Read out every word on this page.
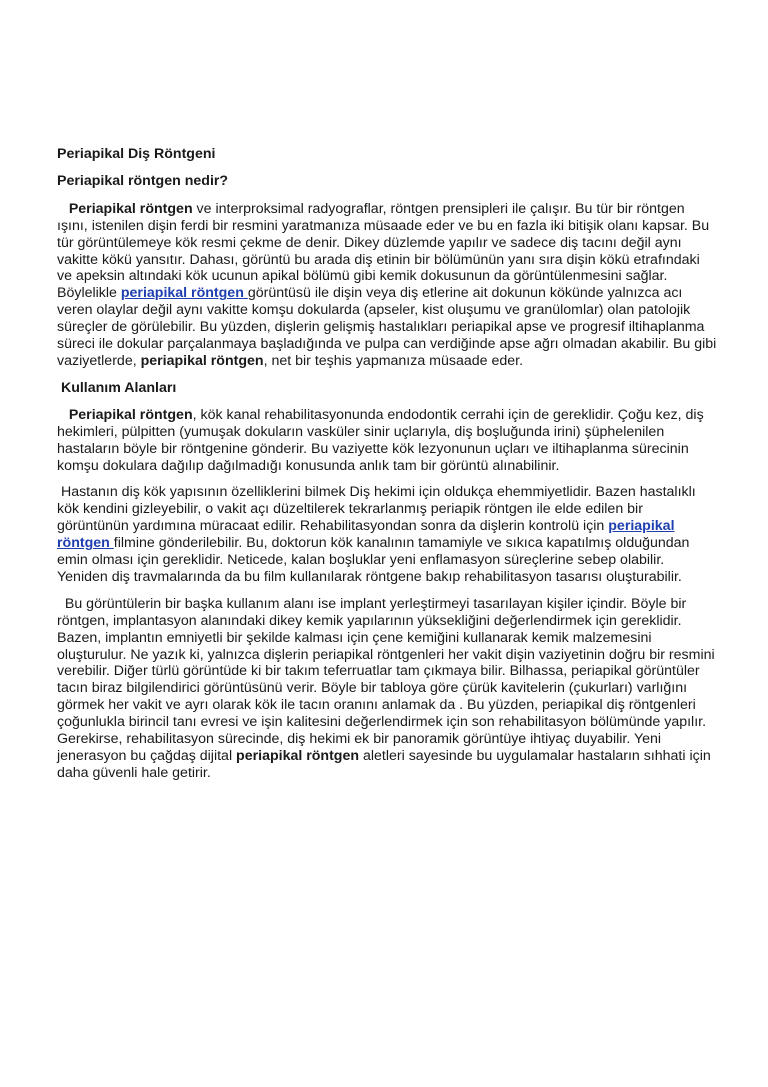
Periapikal Diş Röntgeni
Periapikal röntgen nedir?

Periapikal röntgen ve interproksimal radyograflar, röntgen prensipleri ile çalışır. Bu tür bir röntgen ışını, istenilen dişin ferdi bir resmini yaratmanıza müsaade eder ve bu en fazla iki bitişik olanı kapsar. Bu tür görüntülemeye kök resmi çekme de denir. Dikey düzlemde yapılır ve sadece diş tacını değil aynı vakitte kökü yansıtır. Dahası, görüntü bu arada diş etinin bir bölümünün yanı sıra dişin kökü etrafındaki ve apeksin altındaki kök ucunun apikal bölümü gibi kemik dokusunun da görüntülenmesini sağlar. Böylelikle periapikal röntgen görüntüsü ile dişin veya diş etlerine ait dokunun kökünde yalnızca acı veren olaylar değil aynı vakitte komşu dokularda (apseler, kist oluşumu ve granülomlar) olan patolojik süreçler de görülebilir. Bu yüzden, dişlerin gelişmiş hastalıkları periapikal apse ve progresif iltihaplanma süreci ile dokular parçalanmaya başladığında ve pulpa can verdiğinde apse ağrı olmadan akabilir. Bu gibi vaziyetlerde, periapikal röntgen, net bir teşhis yapmanıza müsaade eder.

Kullanım Alanları

Periapikal röntgen, kök kanal rehabilitasyonunda endodontik cerrahi için de gereklidir. Çoğu kez, diş hekimleri, pülpitten (yumuşak dokuların vasküler sinir uçlarıyla, diş boşluğunda irini) şüphelenilen hastaların böyle bir röntgenine gönderir. Bu vaziyette kök lezyonunun uçları ve iltihaplanma sürecinin komşu dokulara dağılıp dağılmadığı konusunda anlık tam bir görüntü alınabilinir.

Hastanın diş kök yapısının özelliklerini bilmek Diş hekimi için oldukça ehemmiyetlidir. Bazen hastalıklı kök kendini gizleyebilir, o vakit açı düzeltilerek tekrarlanmış periapik röntgen ile elde edilen bir görüntünün yardımına müracaat edilir. Rehabilitasyondan sonra da dişlerin kontrolü için periapikal röntgen filmine gönderilebilir. Bu, doktorun kök kanalının tamamiyle ve sıkıca kapatılmış olduğundan emin olması için gereklidir. Neticede, kalan boşluklar yeni enflamasyon süreçlerine sebep olabilir. Yeniden diş travmalarında da bu film kullanılarak röntgene bakıp rehabilitasyon tasarısı oluşturabilir.

Bu görüntülerin bir başka kullanım alanı ise implant yerleştirmeyi tasarılayan kişiler içindir. Böyle bir röntgen, implantasyon alanındaki dikey kemik yapılarının yüksekliğini değerlendirmek için gereklidir. Bazen, implantın emniyetli bir şekilde kalması için çene kemiğini kullanarak kemik malzemesini oluşturulur. Ne yazık ki, yalnızca dişlerin periapikal röntgenleri her vakit dişin vaziyetinin doğru bir resmini verebilir. Diğer türlü görüntüde ki bir takım teferruatlar tam çıkmaya bilir. Bilhassa, periapikal görüntüler tacın biraz bilgilendirici görüntüsünü verir. Böyle bir tabloya göre çürük kavitelerin (çukurları) varlığını görmek her vakit ve ayrı olarak kök ile tacın oranını anlamak da . Bu yüzden, periapikal diş röntgenleri çoğunlukla birincil tanı evresi ve işin kalitesini değerlendirmek için son rehabilitasyon bölümünde yapılır. Gerekirse, rehabilitasyon sürecinde, diş hekimi ek bir panoramik görüntüye ihtiyaç duyabilir. Yeni jenerasyon bu çağdaş dijital periapikal röntgen aletleri sayesinde bu uygulamalar hastaların sıhhati için daha güvenli hale getirir.
